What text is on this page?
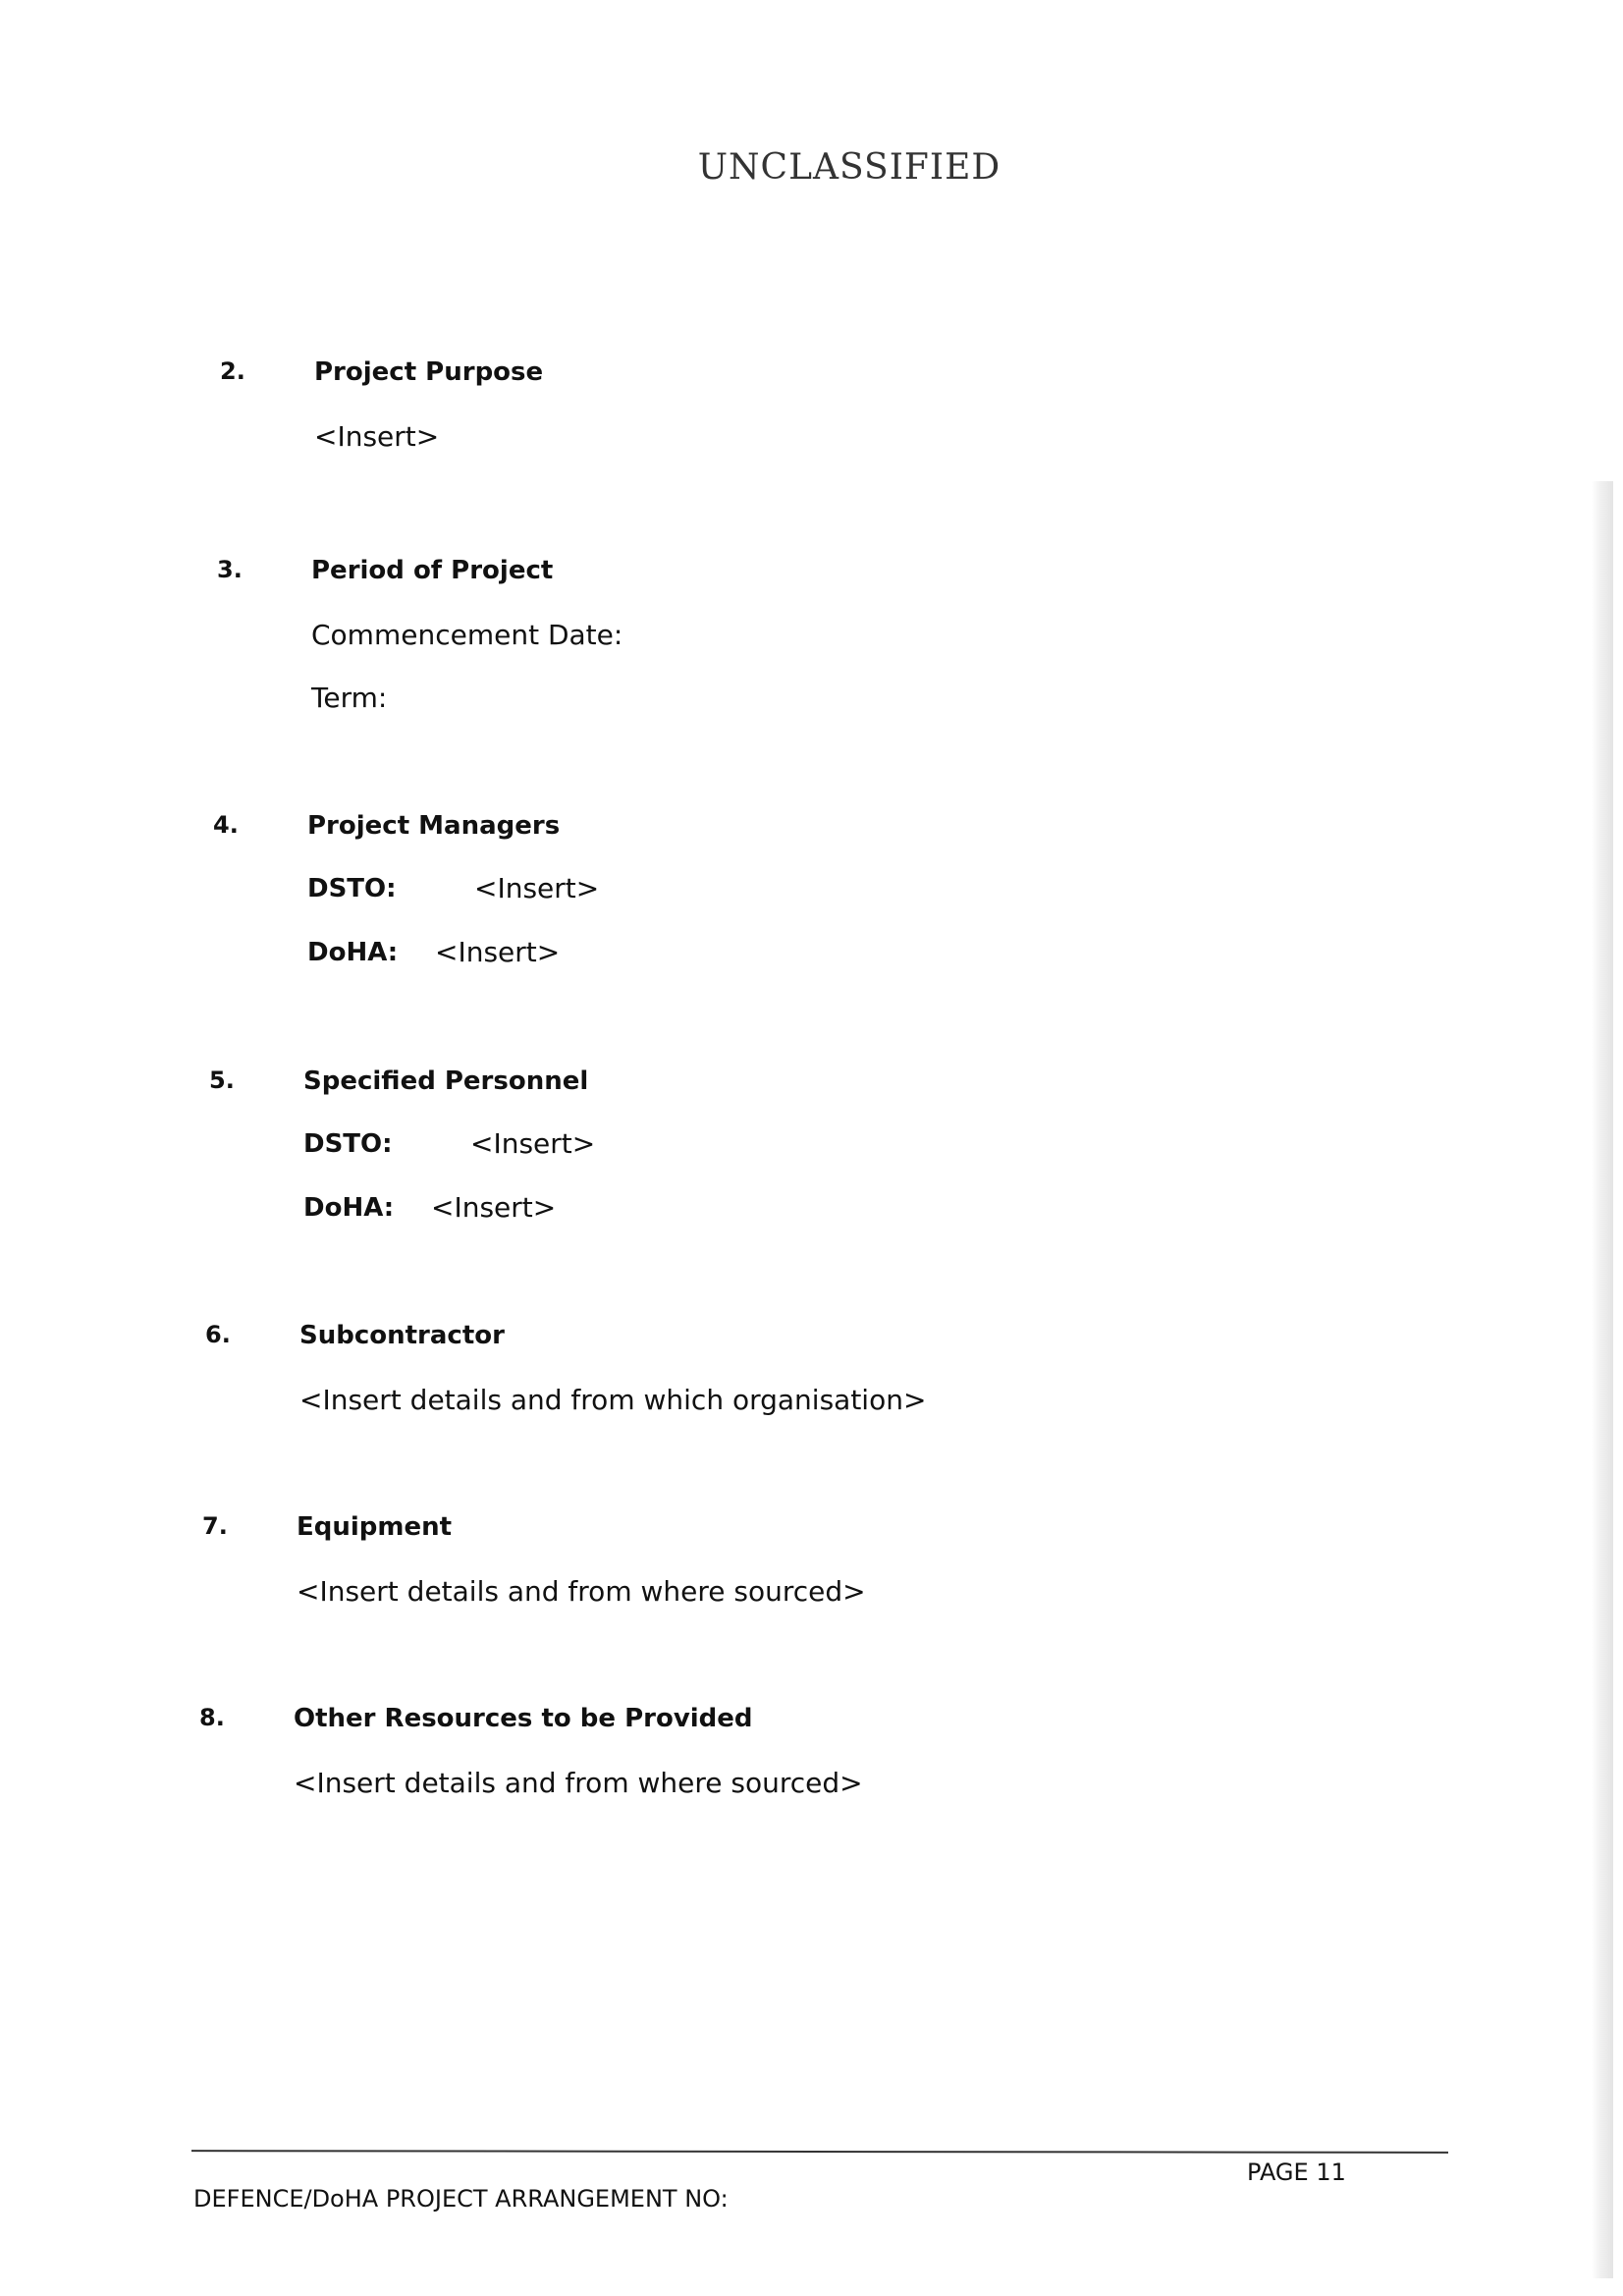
UNCLASSIFIED
2.	Project Purpose
<Insert>
3.	Period of Project
Commencement Date:
Term:
4.	Project Managers
DSTO:	<Insert>
DoHA: <Insert>
5.	Specified Personnel
DSTO:	<Insert>
DoHA: <Insert>
6.	Subcontractor
<Insert details and from which organisation>
7.	Equipment
<Insert details and from where sourced>
8.	Other Resources to be Provided
<Insert details and from where sourced>
PAGE 11
DEFENCE/DoHA PROJECT ARRANGEMENT NO:
